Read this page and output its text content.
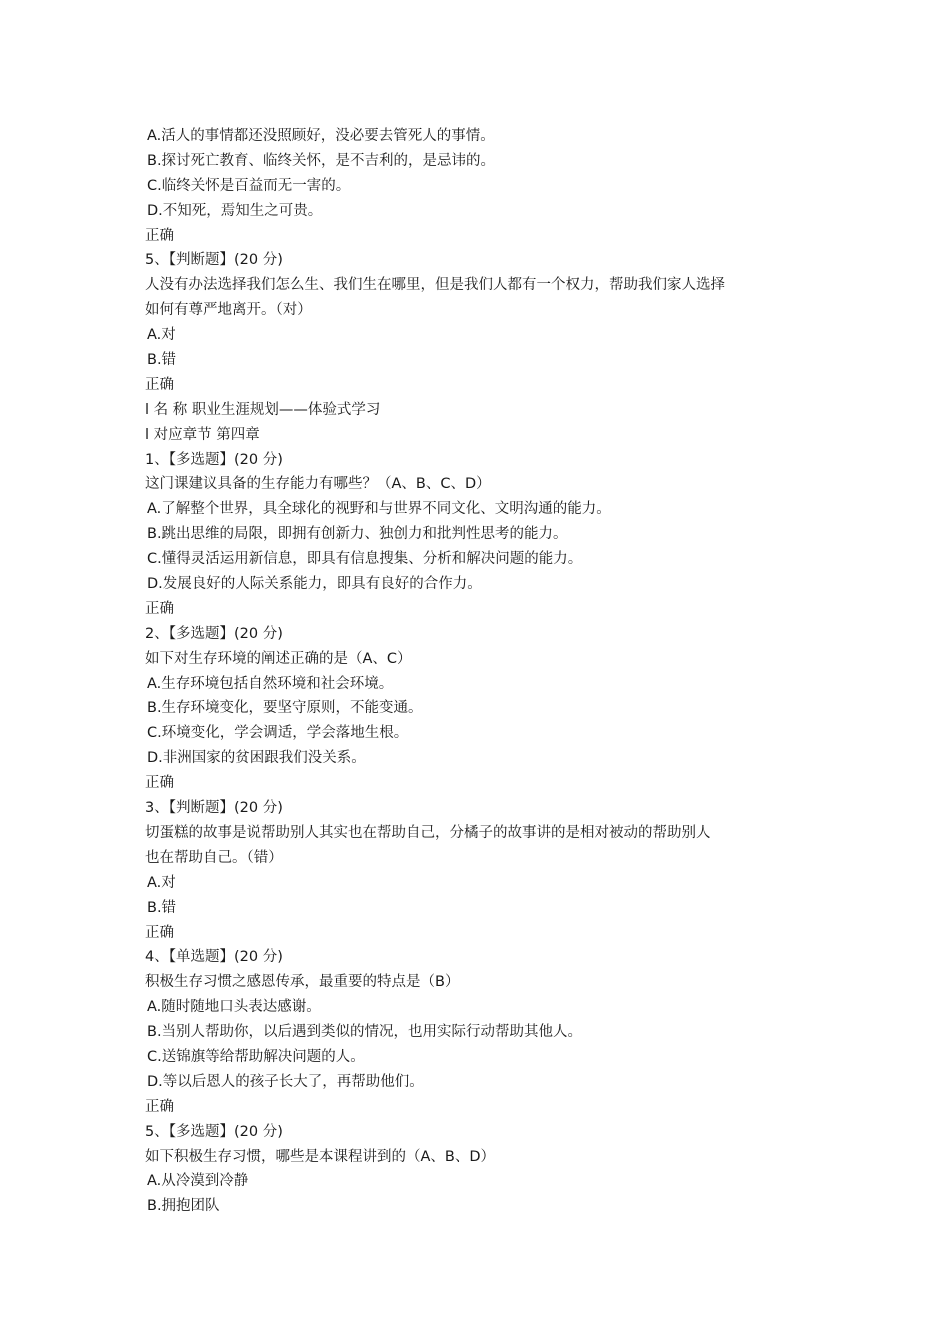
A.活人的事情都还没照顾好，没必要去管死人的事情。
B.探讨死亡教育、临终关怀，是不吉利的，是忌讳的。
C.临终关怀是百益而无一害的。
D.不知死，焉知生之可贵。
正确
5、【判断题】(20 分)
人没有办法选择我们怎么生、我们生在哪里，但是我们人都有一个权力，帮助我们家人选择
如何有尊严地离开。（对）
A.对
B.错
正确
l 名 称 职业生涯规划——体验式学习
l 对应章节 第四章
1、【多选题】(20 分)
这门课建议具备的生存能力有哪些？（A、B、C、D）
A.了解整个世界，具全球化的视野和与世界不同文化、文明沟通的能力。
B.跳出思维的局限，即拥有创新力、独创力和批判性思考的能力。
C.懂得灵活运用新信息，即具有信息搜集、分析和解决问题的能力。
D.发展良好的人际关系能力，即具有良好的合作力。
正确
2、【多选题】(20 分)
如下对生存环境的阐述正确的是（A、C）
A.生存环境包括自然环境和社会环境。
B.生存环境变化，要坚守原则，不能变通。
C.环境变化，学会调适，学会落地生根。
D.非洲国家的贫困跟我们没关系。
正确
3、【判断题】(20 分)
切蛋糕的故事是说帮助别人其实也在帮助自己，分橘子的故事讲的是相对被动的帮助别人
也在帮助自己。（错）
A.对
B.错
正确
4、【单选题】(20 分)
积极生存习惯之感恩传承，最重要的特点是（B）
A.随时随地口头表达感谢。
B.当别人帮助你，以后遇到类似的情况，也用实际行动帮助其他人。
C.送锦旗等给帮助解决问题的人。
D.等以后恩人的孩子长大了，再帮助他们。
正确
5、【多选题】(20 分)
如下积极生存习惯，哪些是本课程讲到的（A、B、D）
A.从冷漠到冷静
B.拥抱团队
